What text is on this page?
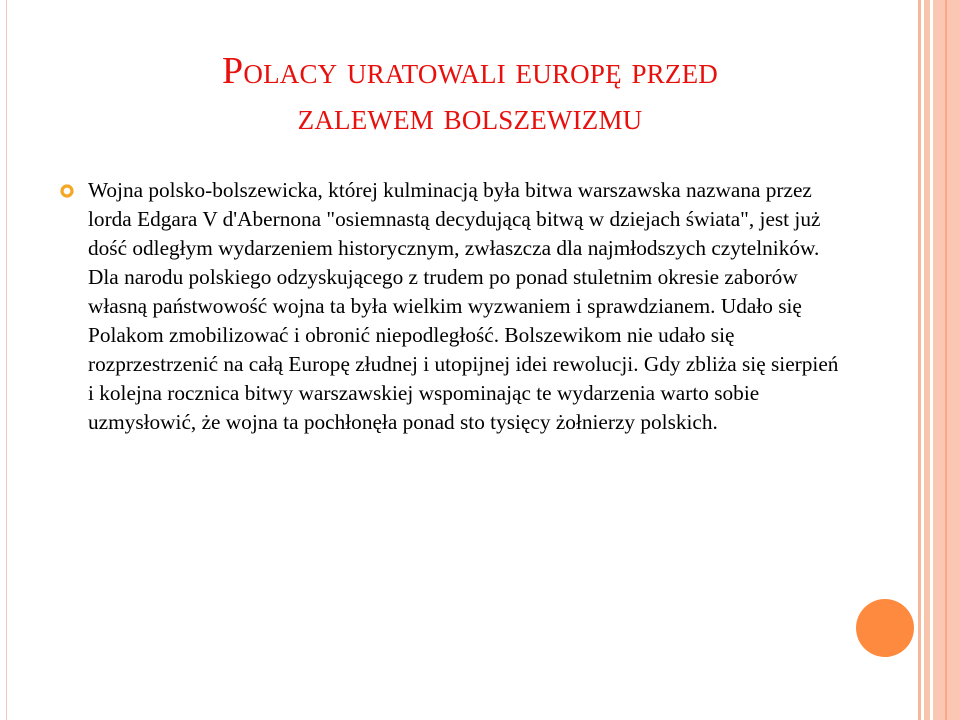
Polacy uratowali europę przed
zalewem bolszewizmu

Wojna polsko-bolszewicka, której kulminacją była bitwa warszawska nazwana przez lorda Edgara V d'Abernona "osiemnastą decydującą bitwą w dziejach świata", jest już dość odległym wydarzeniem historycznym, zwłaszcza dla najmłodszych czytelników. Dla narodu polskiego odzyskującego z trudem po ponad stuletnim okresie zaborów własną państwowość wojna ta była wielkim wyzwaniem i sprawdzianem. Udało się Polakom zmobilizować i obronić niepodległość. Bolszewikom nie udało się rozprzestrzenić na całą Europę złudnej i utopijnej idei rewolucji. Gdy zbliża się sierpień i kolejna rocznica bitwy warszawskiej wspominając te wydarzenia warto sobie uzmysłowić, że wojna ta pochłonęła ponad sto tysięcy żołnierzy polskich.
